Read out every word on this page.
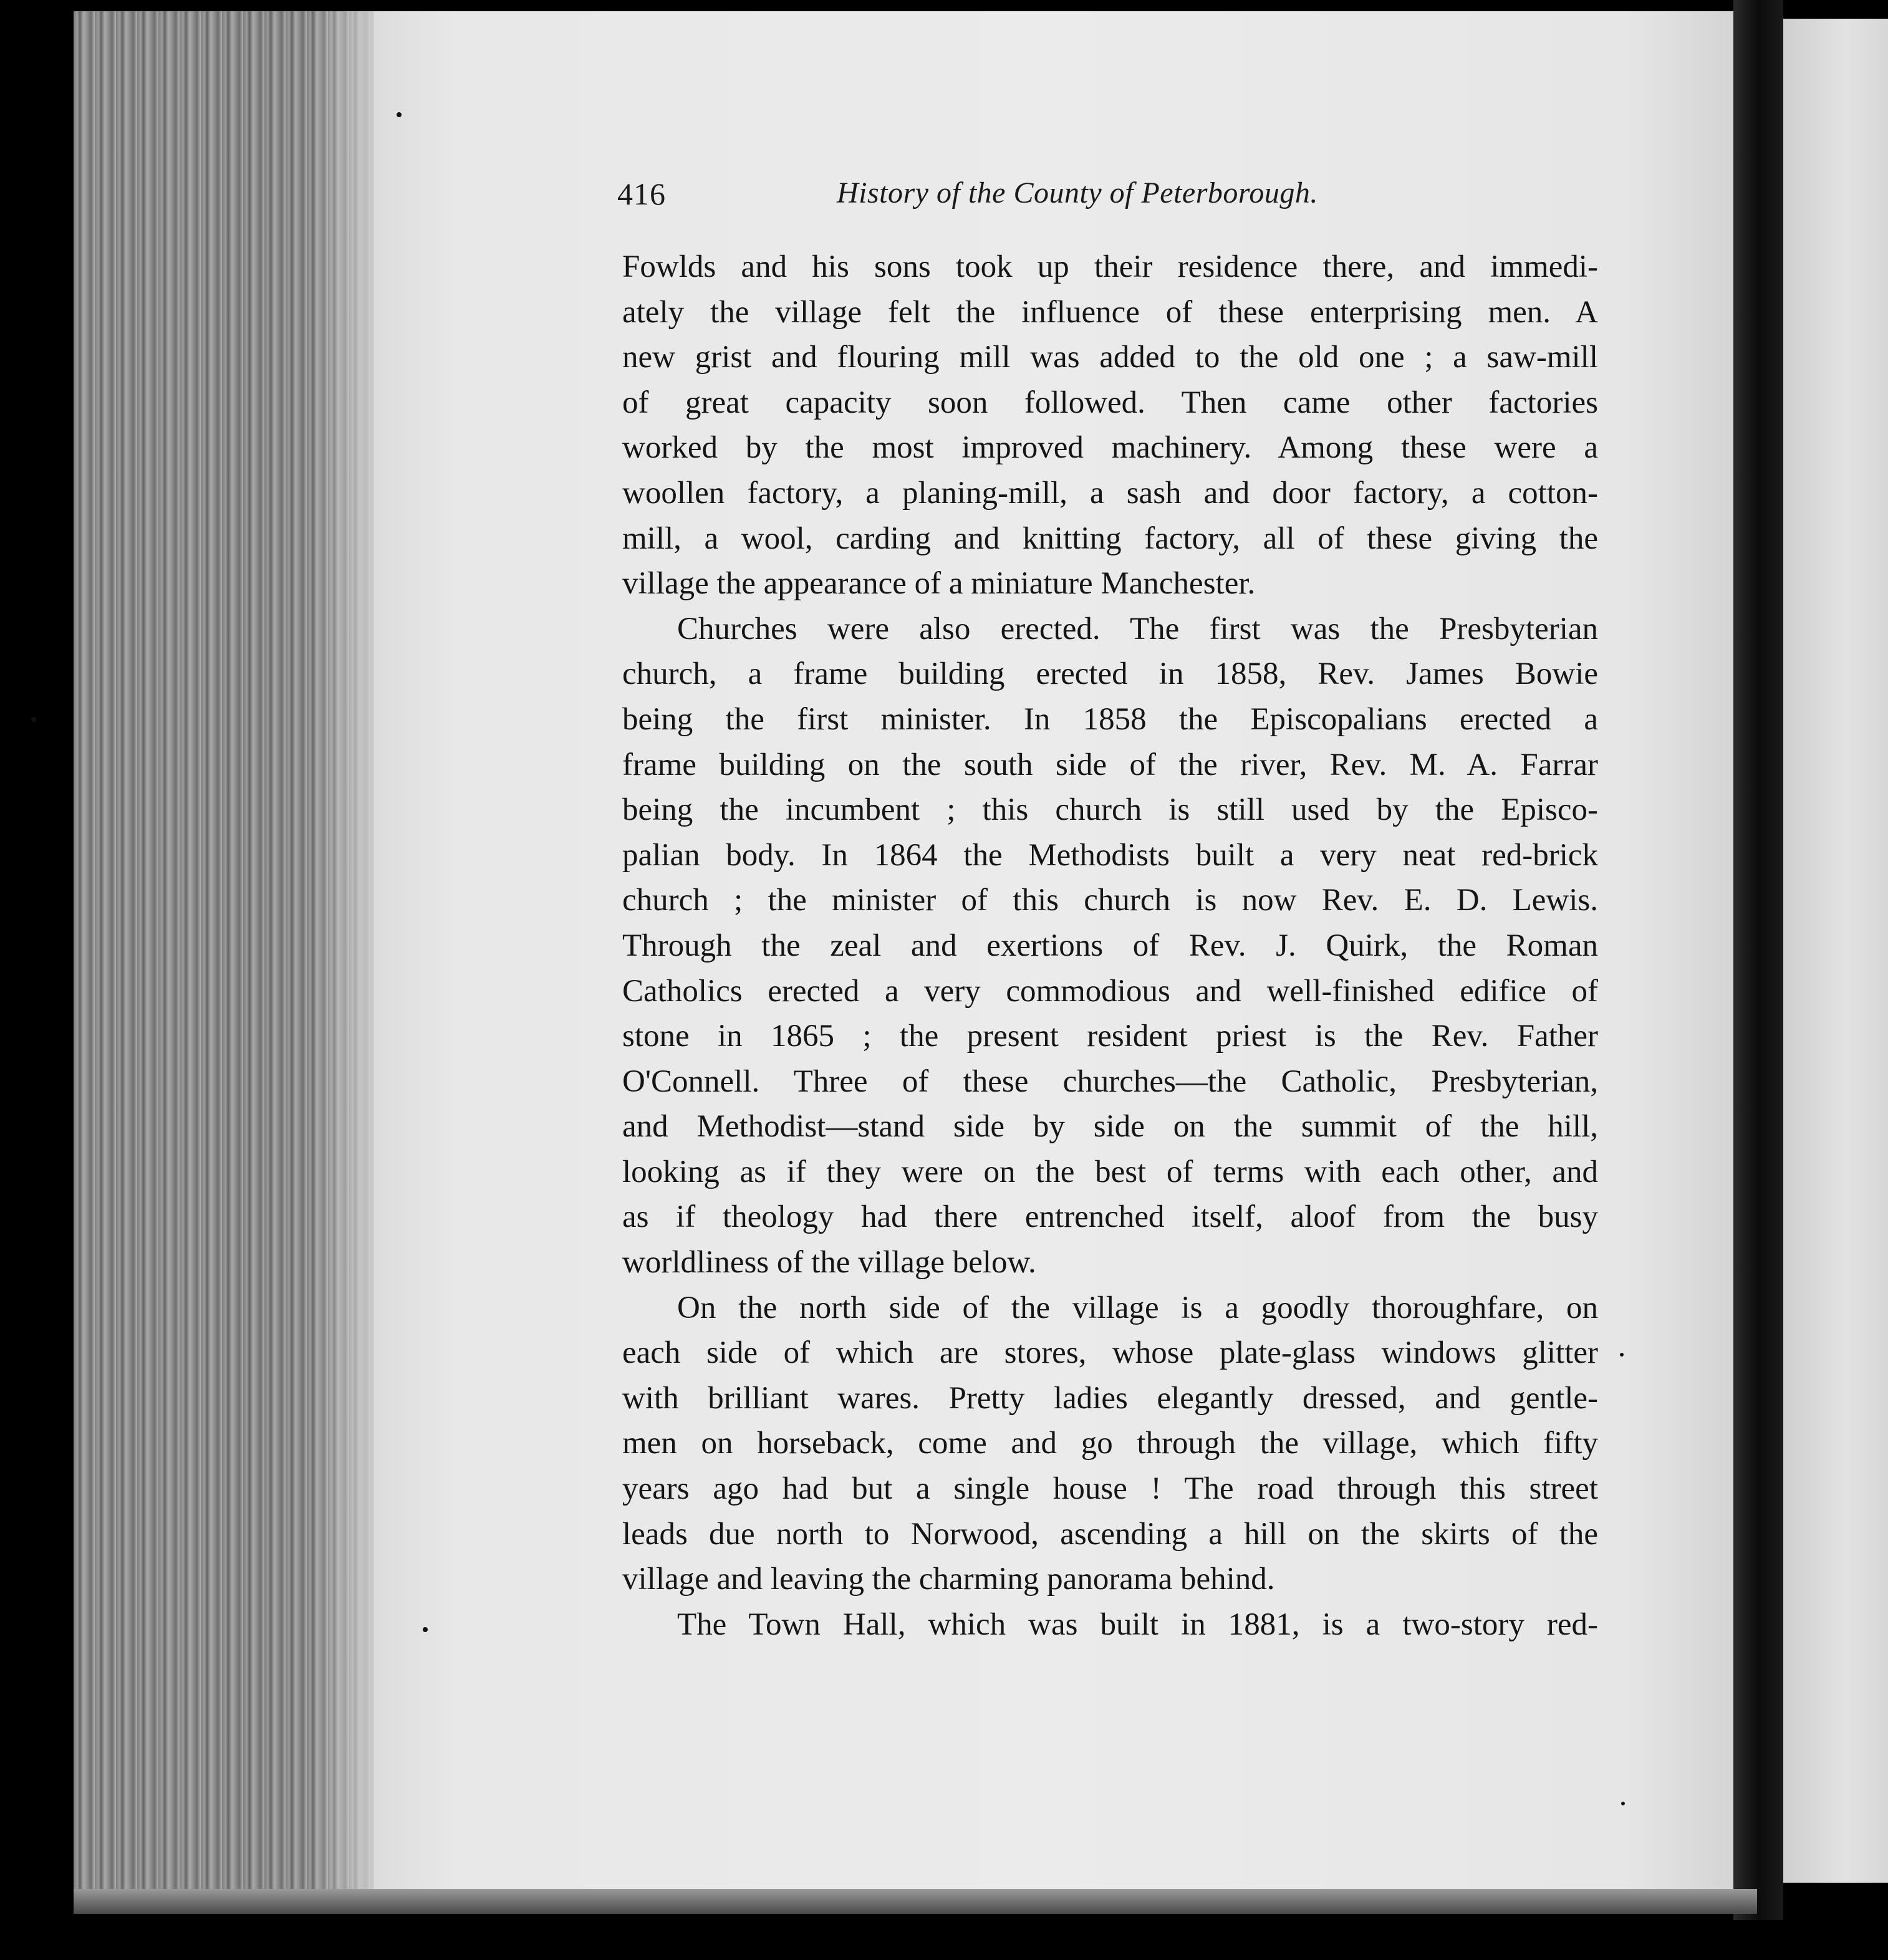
416	History of the County of Peterborough.
Fowlds and his sons took up their residence there, and immedi-
ately the village felt the influence of these enterprising men. A
new grist and flouring mill was added to the old one ; a saw-mill
of great capacity soon followed. Then came other factories
worked by the most improved machinery. Among these were a
woollen factory, a planing-mill, a sash and door factory, a cotton-
mill, a wool, carding and knitting factory, all of these giving the
village the appearance of a miniature Manchester.
Churches were also erected. The first was the Presbyterian
church, a frame building erected in 1858, Rev. James Bowie
being the first minister. In 1858 the Episcopalians erected a
frame building on the south side of the river, Rev. M. A. Farrar
being the incumbent ; this church is still used by the Episco-
palian body. In 1864 the Methodists built a very neat red-brick
church ; the minister of this church is now Rev. E. D. Lewis.
Through the zeal and exertions of Rev. J. Quirk, the Roman
Catholics erected a very commodious and well-finished edifice of
stone in 1865 ; the present resident priest is the Rev. Father
O'Connell. Three of these churches—the Catholic, Presbyterian,
and Methodist—stand side by side on the summit of the hill,
looking as if they were on the best of terms with each other, and
as if theology had there entrenched itself, aloof from the busy
worldliness of the village below.
On the north side of the village is a goodly thoroughfare, on
each side of which are stores, whose plate-glass windows glitter
with brilliant wares. Pretty ladies elegantly dressed, and gentle-
men on horseback, come and go through the village, which fifty
years ago had but a single house ! The road through this street
leads due north to Norwood, ascending a hill on the skirts of the
village and leaving the charming panorama behind.
The Town Hall, which was built in 1881, is a two-story red-
